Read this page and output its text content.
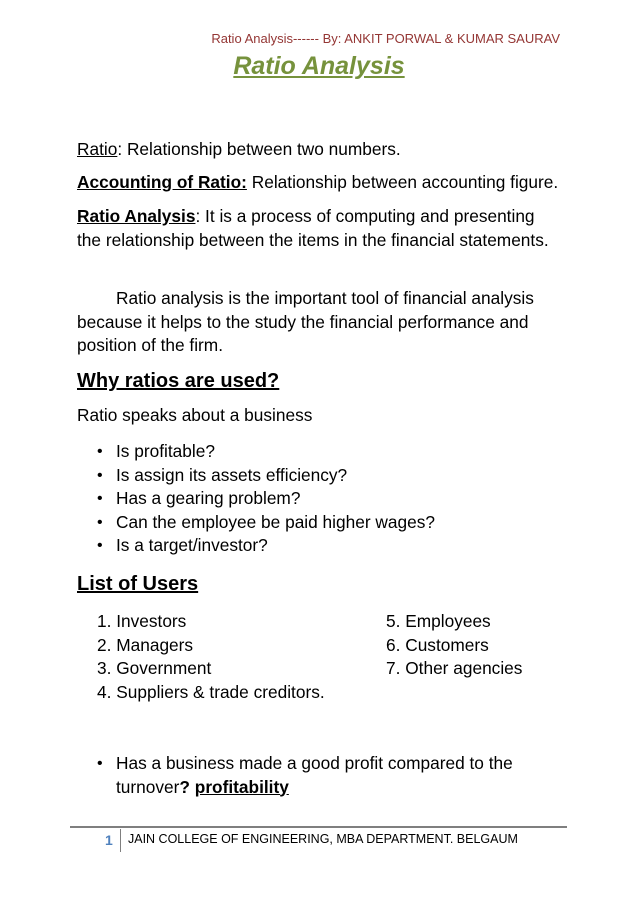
Ratio Analysis------ By: ANKIT PORWAL & KUMAR SAURAV
Ratio Analysis
Ratio: Relationship between two numbers.
Accounting of Ratio: Relationship between accounting figure.
Ratio Analysis: It is a process of computing and presenting the relationship between the items in the financial statements.

Ratio analysis is the important tool of financial analysis because it helps to the study the financial performance and position of the firm.

Why ratios are used?
Ratio speaks about a business
• Is profitable?
• Is assign its assets efficiency?
• Has a gearing problem?
• Can the employee be paid higher wages?
• Is a target/investor?
List of Users
1. Investors
2. Managers
3. Government
4. Suppliers & trade creditors.
5. Employees
6. Customers
7. Other agencies
• Has a business made a good profit compared to the turnover? profitability
1 JAIN COLLEGE OF ENGINEERING, MBA DEPARTMENT. BELGAUM
